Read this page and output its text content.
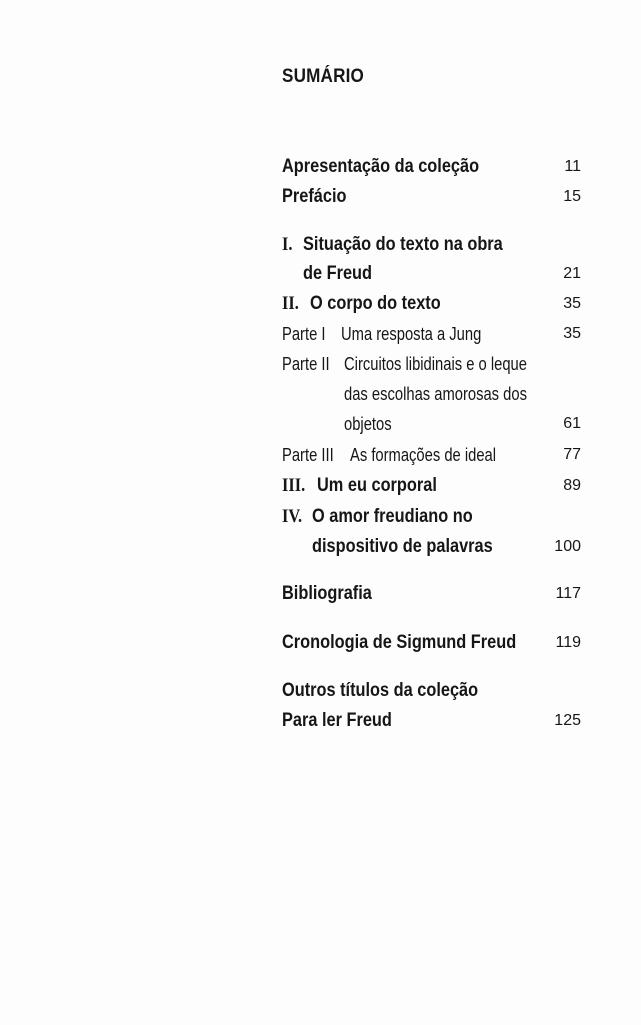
SUMÁRIO
Apresentação da coleção	11
Prefácio	15
I. Situação do texto na obra
de Freud	21
II. O corpo do texto	35
Parte I Uma resposta a Jung	35
Parte II Circuitos libidinais e o leque
das escolhas amorosas dos
objetos	61
Parte III As formações de ideal	77
III. Um eu corporal	89
IV. O amor freudiano no
dispositivo de palavras	100
Bibliografia	117
Cronologia de Sigmund Freud 119
Outros títulos da coleção
Para ler Freud	125
